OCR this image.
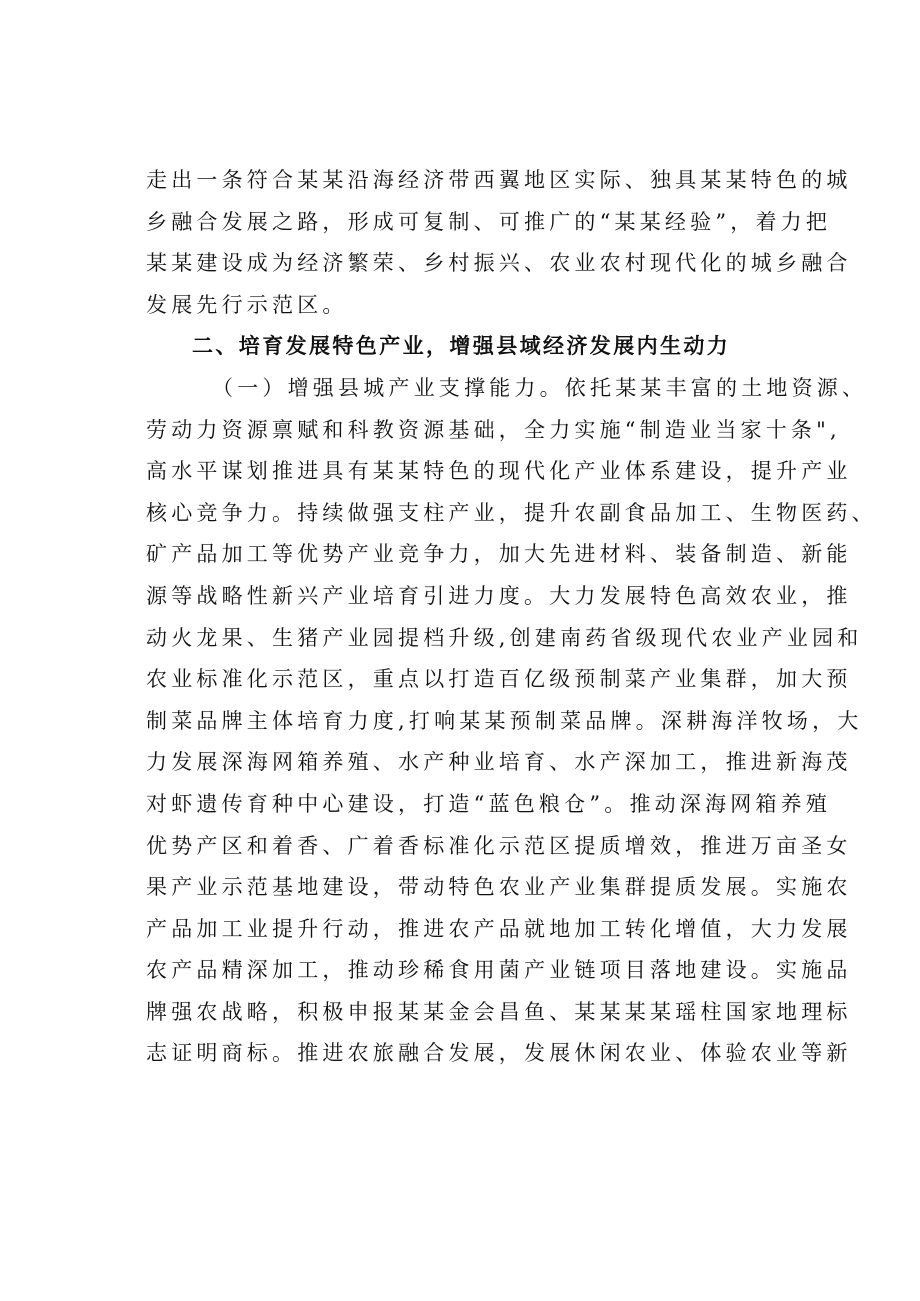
走出一条符合某某沿海经济带西翼地区实际、独具某某特色的城
乡融合发展之路，形成可复制、可推广的“某某经验”，着力把
某某建设成为经济繁荣、乡村振兴、农业农村现代化的城乡融合
发展先行示范区。
二、培育发展特色产业，增强县域经济发展内生动力
（一）增强县城产业支撑能力。依托某某丰富的土地资源、
劳动力资源禀赋和科教资源基础，全力实施“制造业当家十条",
高水平谋划推进具有某某特色的现代化产业体系建设，提升产业
核心竞争力。持续做强支柱产业，提升农副食品加工、生物医药、
矿产品加工等优势产业竞争力，加大先进材料、装备制造、新能
源等战略性新兴产业培育引进力度。大力发展特色高效农业，推
动火龙果、生猪产业园提档升级,创建南药省级现代农业产业园和
农业标准化示范区，重点以打造百亿级预制菜产业集群，加大预
制菜品牌主体培育力度,打响某某预制菜品牌。深耕海洋牧场，大
力发展深海网箱养殖、水产种业培育、水产深加工，推进新海茂
对虾遗传育种中心建设，打造“蓝色粮仓”。推动深海网箱养殖
优势产区和着香、广着香标准化示范区提质增效，推进万亩圣女
果产业示范基地建设，带动特色农业产业集群提质发展。实施农
产品加工业提升行动，推进农产品就地加工转化增值，大力发展
农产品精深加工，推动珍稀食用菌产业链项目落地建设。实施品
牌强农战略，积极申报某某金会昌鱼、某某某某瑶柱国家地理标
志证明商标。推进农旅融合发展，发展休闲农业、体验农业等新
